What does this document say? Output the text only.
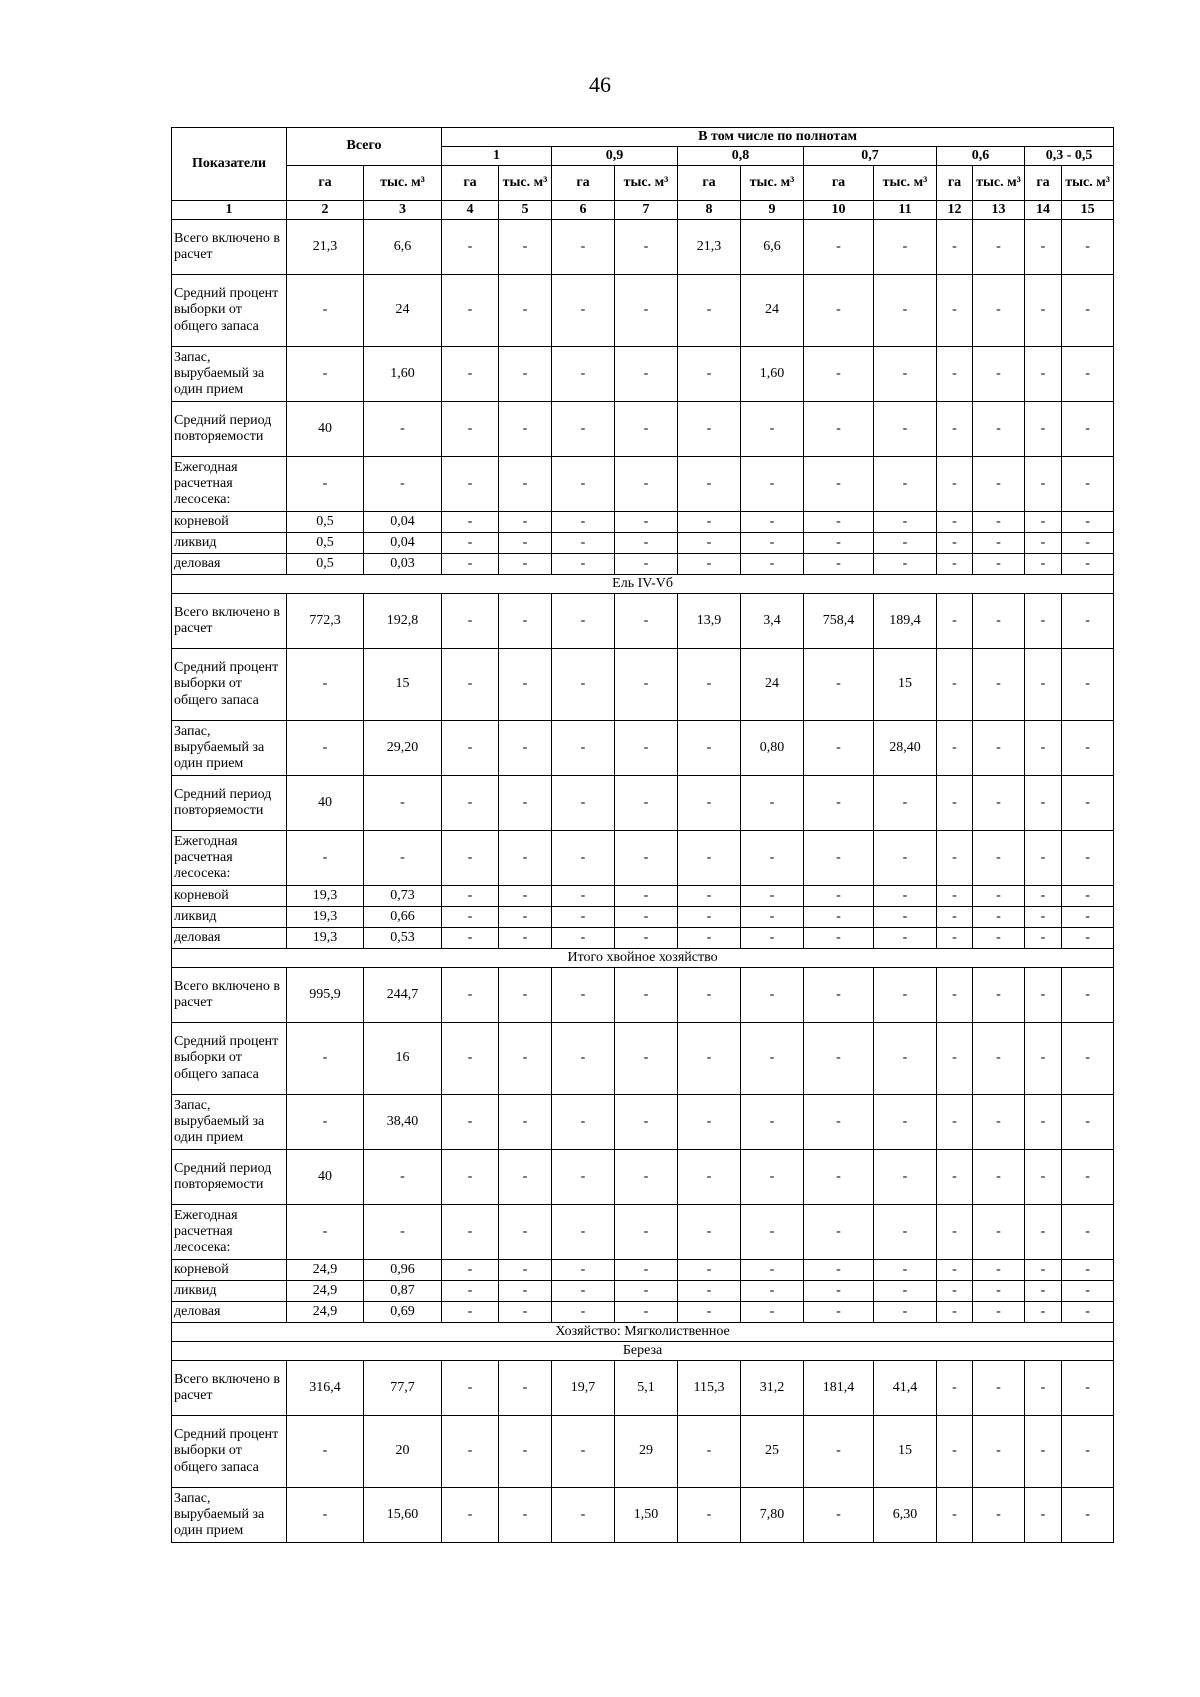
46
Показатели	Всего		В том числе по полнотам											
			1		0,9		0,8		0,7		0,6		0,3 - 0,5	
	га	тыс. м³	га	тыс. м³	га	тыс. м³	га	тыс. м³	га	тыс. м³	га	тыс. м³	га	тыс. м³
1	2	3	4	5	6	7	8	9	10	11	12	13	14	15
Всего включено в расчет	21,3	6,6	-	-	-	-	21,3	6,6	-	-	-	-	-	-
Средний процент выборки от общего запаса	-	24	-	-	-	-	-	24	-	-	-	-	-	-
Запас, вырубаемый за один прием	-	1,60	-	-	-	-	-	1,60	-	-	-	-	-	-
Средний период повторяемости	40	-	-	-	-	-	-	-	-	-	-	-	-	-
Ежегодная расчетная лесосека:	-	-	-	-	-	-	-	-	-	-	-	-	-	-
корневой	0,5	0,04	-	-	-	-	-	-	-	-	-	-	-	-
ликвид	0,5	0,04	-	-	-	-	-	-	-	-	-	-	-	-
деловая	0,5	0,03	-	-	-	-	-	-	-	-	-	-	-	-
Ель IV-Vб														
Всего включено в расчет	772,3	192,8	-	-	-	-	13,9	3,4	758,4	189,4	-	-	-	-
Средний процент выборки от общего запаса	-	15	-	-	-	-	-	24	-	15	-	-	-	-
Запас, вырубаемый за один прием	-	29,20	-	-	-	-	-	0,80	-	28,40	-	-	-	-
Средний период повторяемости	40	-	-	-	-	-	-	-	-	-	-	-	-	-
Ежегодная расчетная лесосека:	-	-	-	-	-	-	-	-	-	-	-	-	-	-
корневой	19,3	0,73	-	-	-	-	-	-	-	-	-	-	-	-
ликвид	19,3	0,66	-	-	-	-	-	-	-	-	-	-	-	-
деловая	19,3	0,53	-	-	-	-	-	-	-	-	-	-	-	-
Итого хвойное хозяйство														
Всего включено в расчет	995,9	244,7	-	-	-	-	-	-	-	-	-	-	-	-
Средний процент выборки от общего запаса	-	16	-	-	-	-	-	-	-	-	-	-	-	-
Запас, вырубаемый за один прием	-	38,40	-	-	-	-	-	-	-	-	-	-	-	-
Средний период повторяемости	40	-	-	-	-	-	-	-	-	-	-	-	-	-
Ежегодная расчетная лесосека:	-	-	-	-	-	-	-	-	-	-	-	-	-	-
корневой	24,9	0,96	-	-	-	-	-	-	-	-	-	-	-	-
ликвид	24,9	0,87	-	-	-	-	-	-	-	-	-	-	-	-
деловая	24,9	0,69	-	-	-	-	-	-	-	-	-	-	-	-
Хозяйство: Мягколиственное														
Береза														
Всего включено в расчет	316,4	77,7	-	-	19,7	5,1	115,3	31,2	181,4	41,4	-	-	-	-
Средний процент выборки от общего запаса	-	20	-	-	-	29	-	25	-	15	-	-	-	-
Запас, вырубаемый за один прием	-	15,60	-	-	-	1,50	-	7,80	-	6,30	-	-	-	-
